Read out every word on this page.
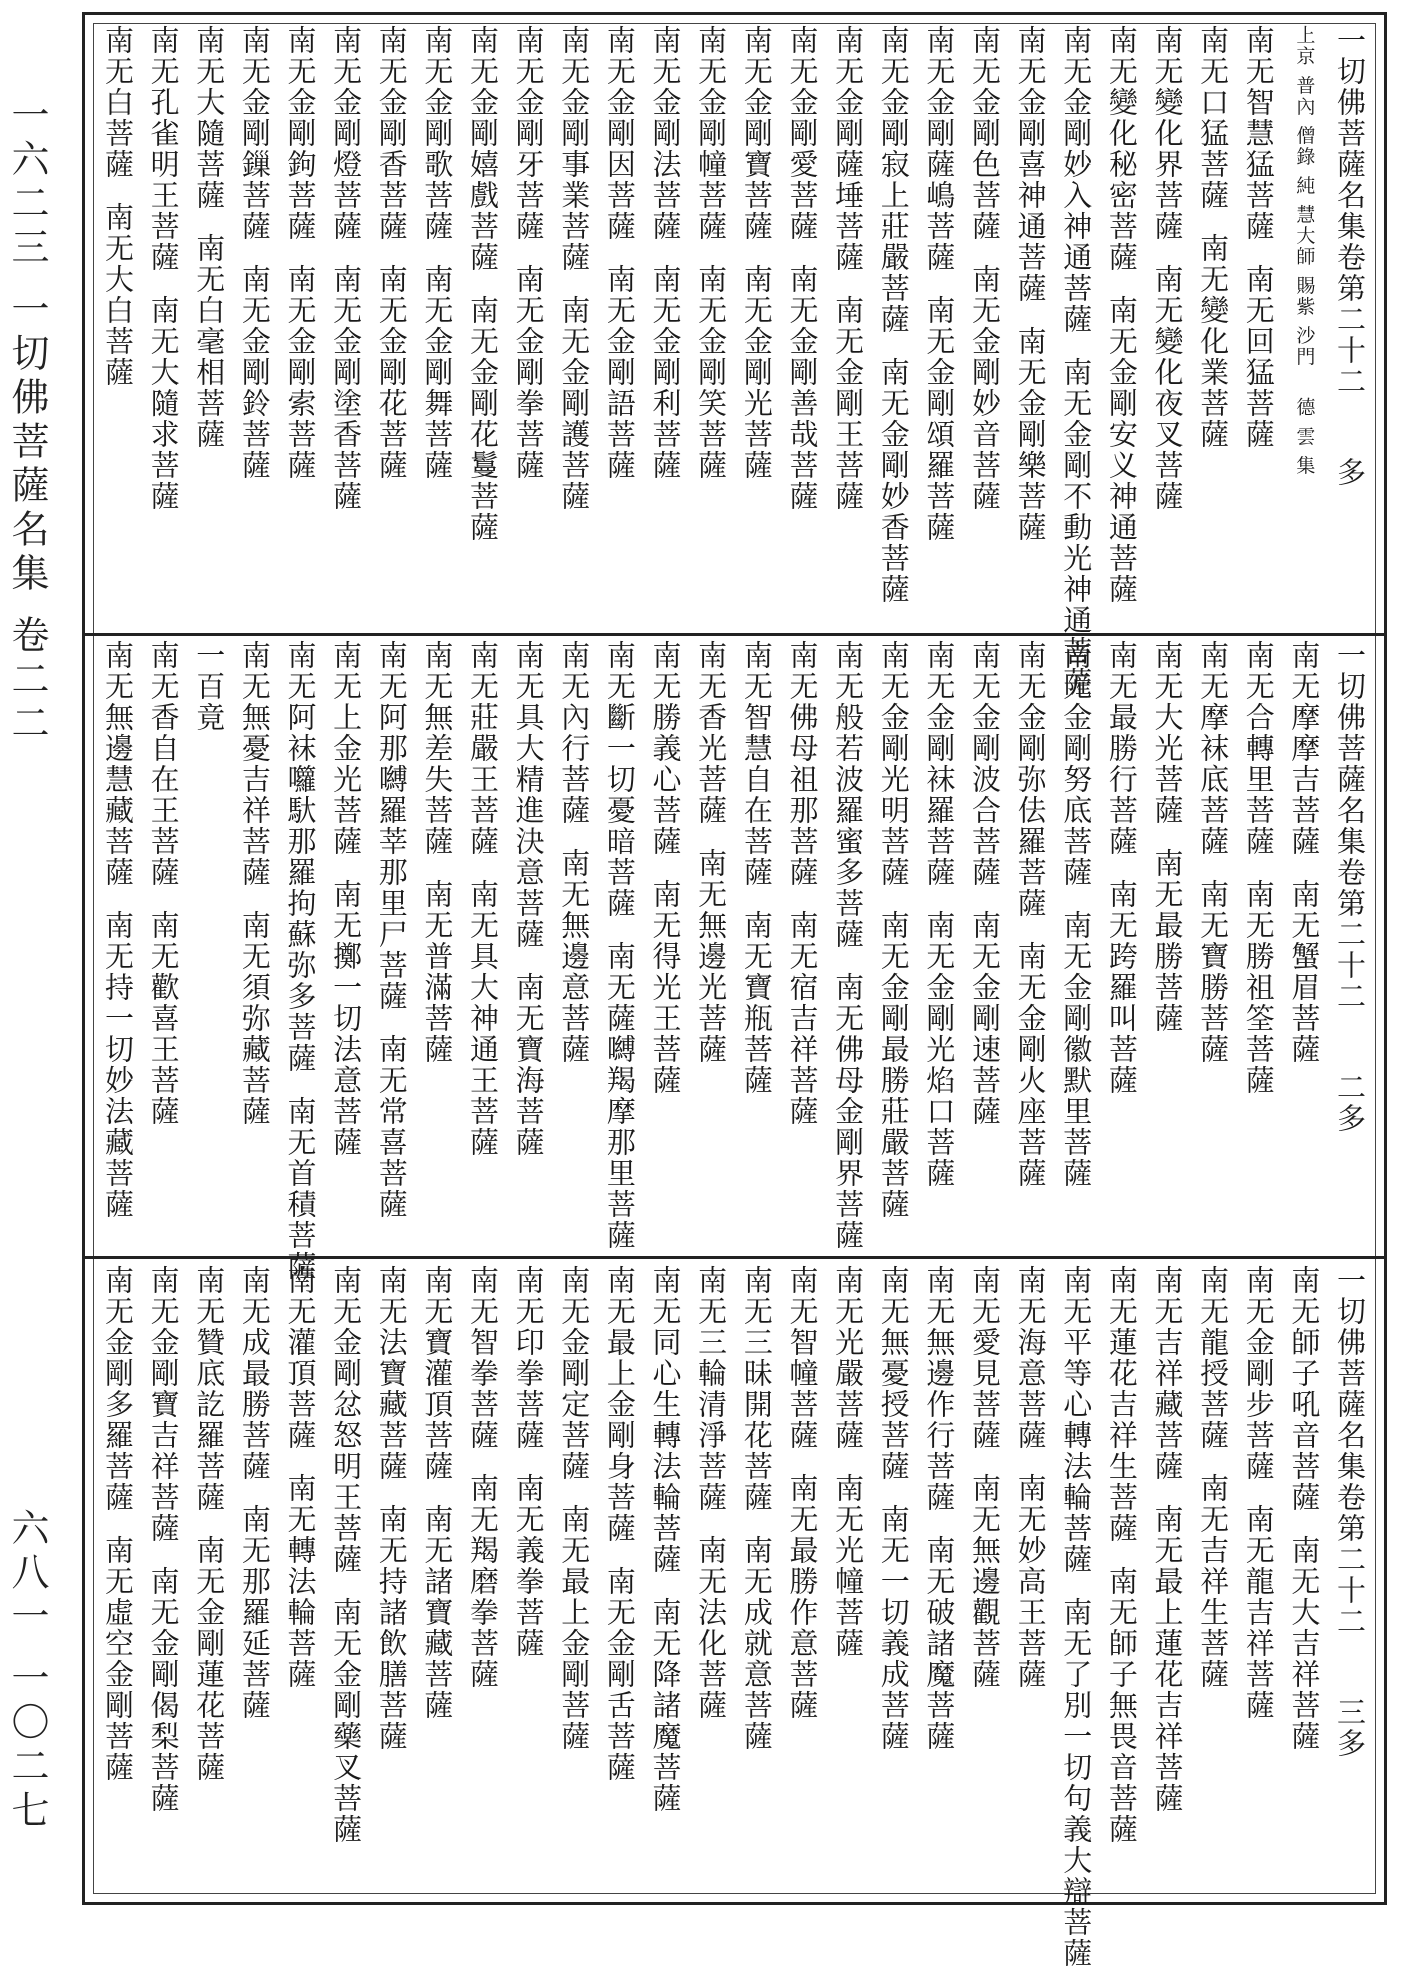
一六二三 一切佛菩薩名集 卷二二
六八一 一〇二七
一切佛菩薩名集卷第二十二多
上京 普內 僧錄 純 慧大師 賜紫 沙門德 雲 集
南无智慧猛菩薩南无回猛菩薩
南无口猛菩薩南无變化業菩薩
南无變化界菩薩南无變化夜叉菩薩
南无變化秘密菩薩南无金剛安义神通菩薩
南无金剛妙入神通菩薩南无金剛不動光神通菩薩
南无金剛喜神通菩薩南无金剛樂菩薩
南无金剛色菩薩南无金剛妙音菩薩
南无金剛薩嶋菩薩南无金剛頌羅菩薩
南无金剛寂上莊嚴菩薩南无金剛妙香菩薩
南无金剛薩埵菩薩南无金剛王菩薩
南无金剛愛菩薩南无金剛善哉菩薩
南无金剛寶菩薩南无金剛光菩薩
南无金剛幢菩薩南无金剛笑菩薩
南无金剛法菩薩南无金剛利菩薩
南无金剛因菩薩南无金剛語菩薩
南无金剛事業菩薩南无金剛護菩薩
南无金剛牙菩薩南无金剛拳菩薩
南无金剛嬉戲菩薩南无金剛花鬘菩薩
南无金剛歌菩薩南无金剛舞菩薩
南无金剛香菩薩南无金剛花菩薩
南无金剛燈菩薩南无金剛塗香菩薩
南无金剛鉤菩薩南无金剛索菩薩
南无金剛鏁菩薩南无金剛鈴菩薩
南无大隨菩薩南无白毫相菩薩
南无孔雀明王菩薩南无大隨求菩薩
南无白菩薩南无大白菩薩
一切佛菩薩名集卷第二十二二多
南无摩摩吉菩薩南无蟹眉菩薩
南无合轉里菩薩南无勝祖筌菩薩
南无摩袜底菩薩南无寶勝菩薩
南无大光菩薩南无最勝菩薩
南无最勝行菩薩南无跨羅叫菩薩
南无金剛努底菩薩南无金剛徽默里菩薩
南无金剛弥佉羅菩薩南无金剛火座菩薩
南无金剛波合菩薩南无金剛速菩薩
南无金剛袜羅菩薩南无金剛光焰口菩薩
南无金剛光明菩薩南无金剛最勝莊嚴菩薩
南无般若波羅蜜多菩薩南无佛母金剛界菩薩
南无佛母祖那菩薩南无宿吉祥菩薩
南无智慧自在菩薩南无寶瓶菩薩
南无香光菩薩南无無邊光菩薩
南无勝義心菩薩南无得光王菩薩
南无斷一切憂暗菩薩南无薩嚩羯摩那里菩薩
南无內行菩薩南无無邊意菩薩
南无具大精進決意菩薩南无寶海菩薩
南无莊嚴王菩薩南无具大神通王菩薩
南无無差失菩薩南无普滿菩薩
南无阿那嚩羅莘那里尸菩薩南无常喜菩薩
南无上金光菩薩南无擲一切法意菩薩
南无阿袜囖馱那羅拘蘇弥多菩薩南无首積菩薩
南无無憂吉祥菩薩南无須弥藏菩薩
一百竟
南无香自在王菩薩南无歡喜王菩薩
南无無邊慧藏菩薩南无持一切妙法藏菩薩
一切佛菩薩名集卷第二十二三多
南无師子吼音菩薩南无大吉祥菩薩
南无金剛步菩薩南无龍吉祥菩薩
南无龍授菩薩南无吉祥生菩薩
南无吉祥藏菩薩南无最上蓮花吉祥菩薩
南无蓮花吉祥生菩薩南无師子無畏音菩薩
南无平等心轉法輪菩薩南无了別一切句義大辯菩薩
南无海意菩薩南无妙高王菩薩
南无愛見菩薩南无無邊觀菩薩
南无無邊作行菩薩南无破諸魔菩薩
南无無憂授菩薩南无一切義成菩薩
南无光嚴菩薩南无光幢菩薩
南无智幢菩薩南无最勝作意菩薩
南无三昧開花菩薩南无成就意菩薩
南无三輪清淨菩薩南无法化菩薩
南无同心生轉法輪菩薩南无降諸魔菩薩
南无最上金剛身菩薩南无金剛舌菩薩
南无金剛定菩薩南无最上金剛菩薩
南无印拳菩薩南无義拳菩薩
南无智拳菩薩南无羯磨拳菩薩
南无寶灌頂菩薩南无諸寶藏菩薩
南无法寶藏菩薩南无持諸飲膳菩薩
南无金剛忿怒明王菩薩南无金剛藥叉菩薩
南无灌頂菩薩南无轉法輪菩薩
南无成最勝菩薩南无那羅延菩薩
南无贊底訖羅菩薩南无金剛蓮花菩薩
南无金剛寶吉祥菩薩南无金剛偈梨菩薩
南无金剛多羅菩薩南无虛空金剛菩薩
